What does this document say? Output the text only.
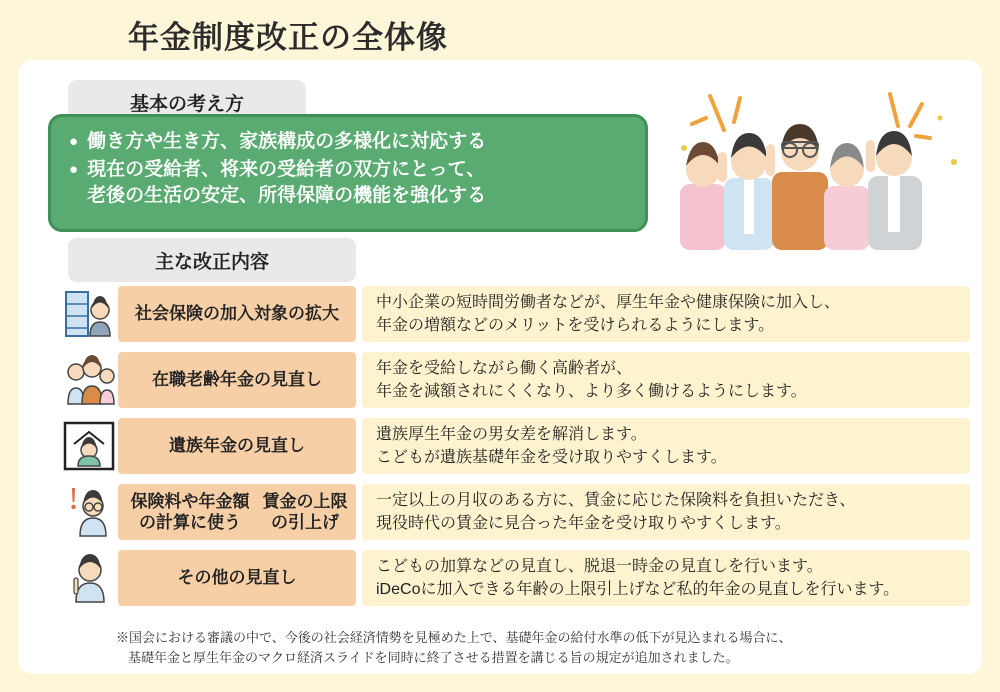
年金制度改正の全体像
基本の考え方
● 働き方や生き方、家族構成の多様化に対応する
● 現在の受給者、将来の受給者の双方にとって、
老後の生活の安定、所得保障の機能を強化する
主な改正内容
社会保険の 加入対象の拡大
中小企業の短時間労働者などが、厚生年金や健康保険に加入し、
年金の増額などのメリットを受けられるようにします。
在職老齢年金 の見直し
年金を受給しながら働く高齢者が、
年金を減額されにくくなり、より多く働けるようにします。
遺族年金の見直し
遺族厚生年金の男女差を解消します。
こどもが遺族基礎年金を受け取りやすくします。
保険料や年金額の計算に使う
賃金の上限の引上げ
一定以上の月収のある方に、賃金に応じた保険料を負担いただき、
現役時代の賃金に見合った年金を受け取りやすくします。
その他の見直し
こどもの加算などの見直し、脱退一時金の見直しを行います。
iDeCoに加入できる年齢の上限引上げなど私的年金の見直しを行います。
※国会における審議の中で、今後の社会経済情勢を見極めた上で、基礎年金の給付水準の低下が見込まれる場合に、
基礎年金と厚生年金のマクロ経済スライドを同時に終了させる措置を講じる旨の規定が追加されました。
